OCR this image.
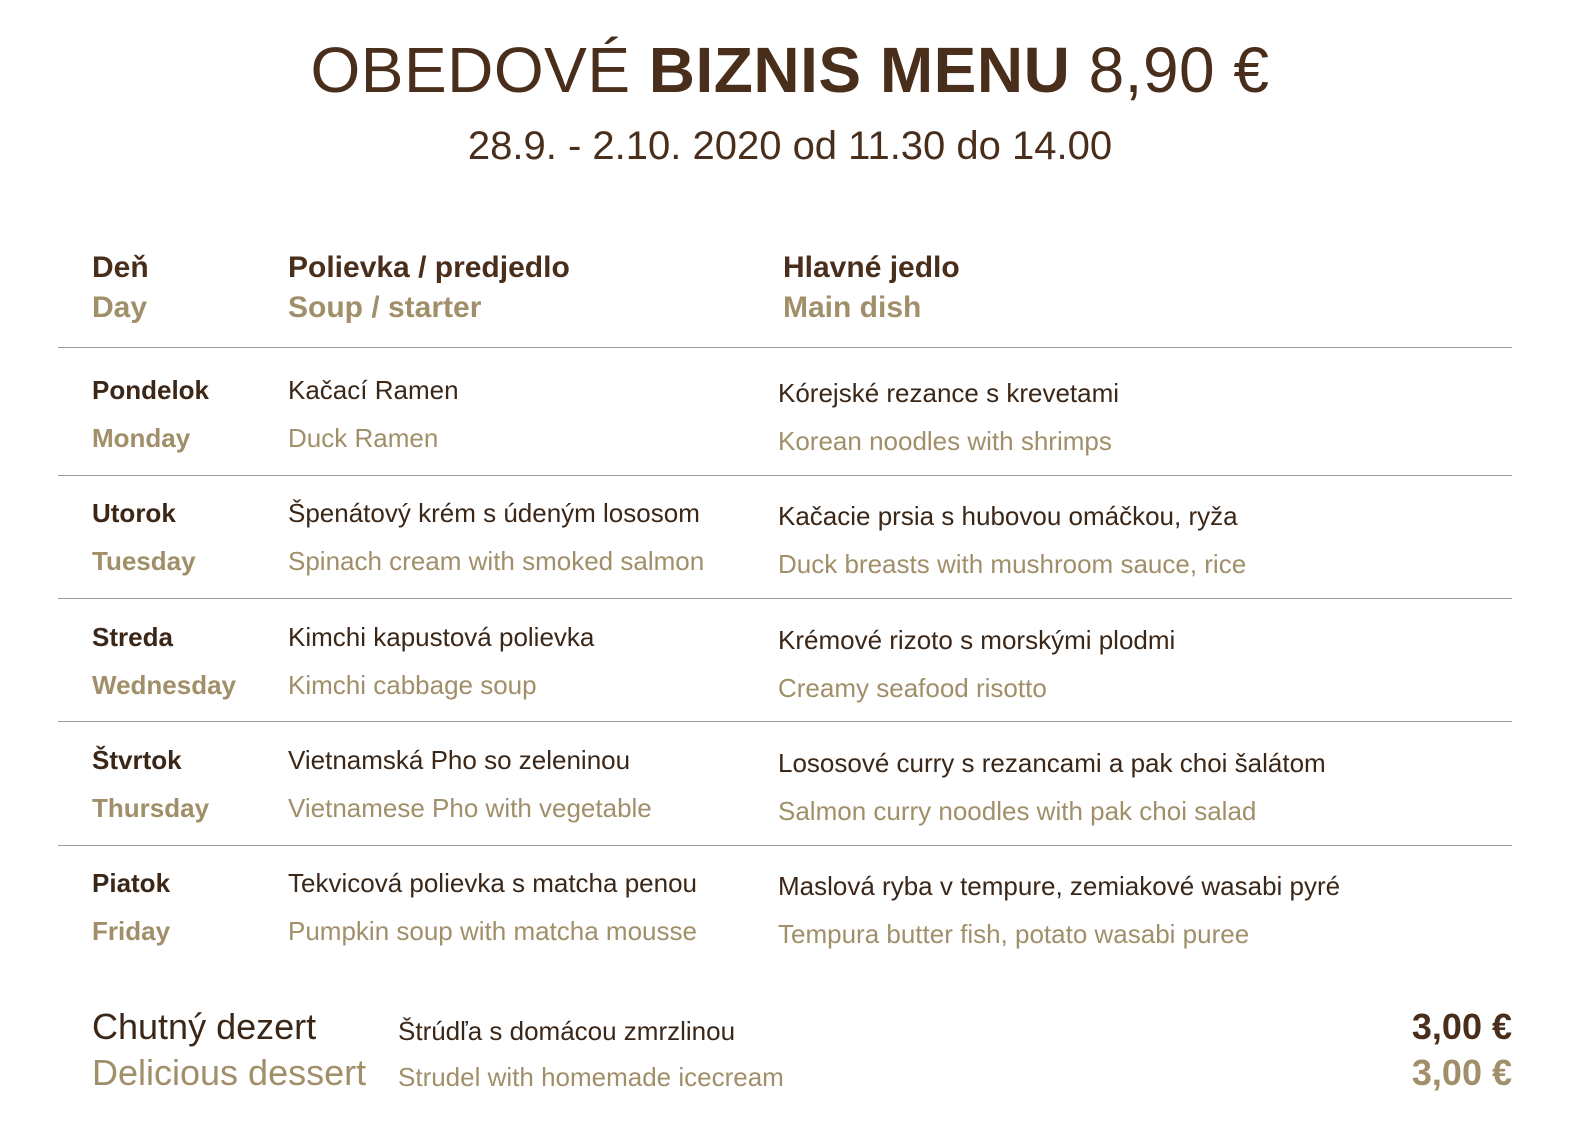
OBEDOVÉ BIZNIS MENU 8,90 €
28.9. - 2.10. 2020 od 11.30 do 14.00
Deň
Day
Polievka / predjedlo
Soup / starter
Hlavné jedlo
Main dish
Pondelok
Monday
Kačací Ramen
Duck Ramen
Kórejské rezance s krevetami
Korean noodles with shrimps
Utorok
Tuesday
Špenátový krém s údeným lososom
Spinach cream with smoked salmon
Kačacie prsia s hubovou omáčkou, ryža
Duck breasts with mushroom sauce, rice
Streda
Wednesday
Kimchi kapustová polievka
Kimchi cabbage soup
Krémové rizoto s morskými plodmi
Creamy seafood risotto
Štvrtok
Thursday
Vietnamská Pho so zeleninou
Vietnamese Pho with vegetable
Lososové curry s rezancami a pak choi šalátom
Salmon curry noodles with pak choi salad
Piatok
Friday
Tekvicová polievka s matcha penou
Pumpkin soup with matcha mousse
Maslová ryba v tempure, zemiakové wasabi pyré
Tempura butter fish, potato wasabi puree
Chutný dezert
Delicious dessert
Štrúdľa s domácou zmrzlinou
Strudel with homemade icecream
3,00 €
3,00 €
